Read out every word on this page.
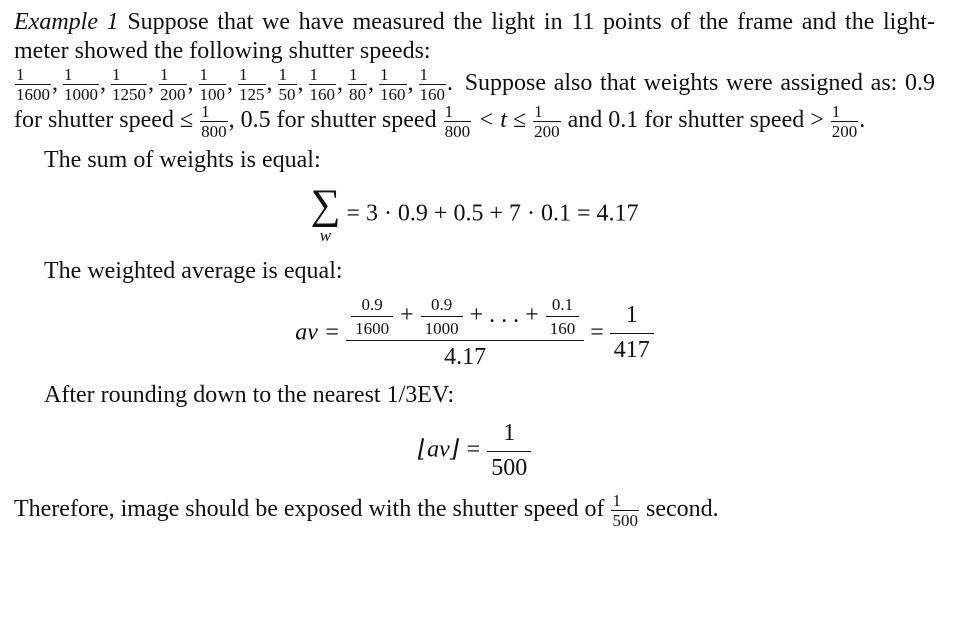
Example 1 Suppose that we have measured the light in 11 points of the frame and the light-meter showed the following shutter speeds:

$\frac{1}{1600}$ , $\frac{1}{1000}$ , $\frac{1}{1250}$ , $\frac{1}{200}$ , $\frac{1}{100}$ , $\frac{1}{125}$ , $\frac{1}{50}$ , $\frac{1}{160}$ , $\frac{1}{80}$ , $\frac{1}{160}$ , $\frac{1}{160}$ . Suppose also that weights were assigned as: 0.9 for shutter speed ≤ $\frac{1}{800}$ , 0.5 for shutter speed $\frac{1}{800} < t \le \frac{1}{200}$ and 0.1 for shutter speed > $\frac{1}{200}$ .

The sum of weights is equal:

∑
w
= 3 · 0.9 + 0.5 + 7 · 0.1 = 4.17

The weighted average is equal:

av = $\frac{0.9}{1600} + \frac{0.9}{1000}$ + . . . + $\frac{0.1}{160}$
4.17
= $\frac{1}{417}$

After rounding down to the nearest 1/3EV:

⌊av⌋ = $\frac{1}{500}$

Therefore, image should be exposed with the shutter speed of $\frac{1}{500}$ second.
